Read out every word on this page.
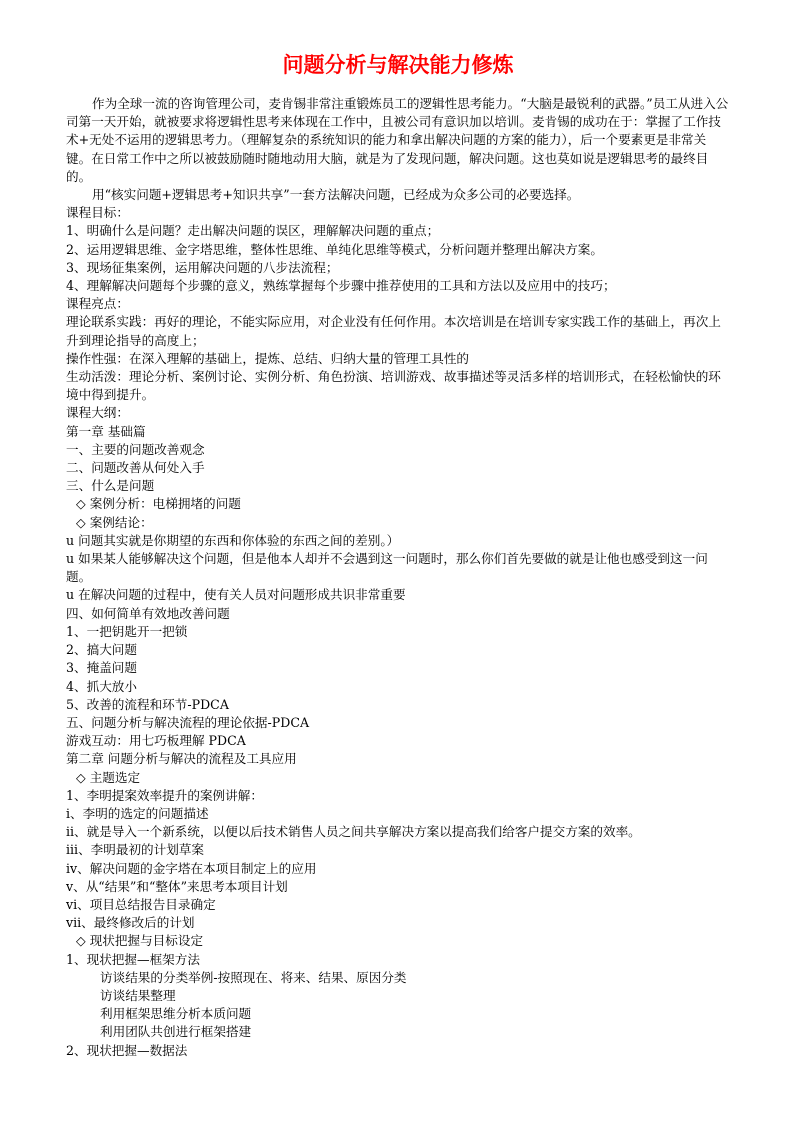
问题分析与解决能力修炼

作为全球一流的咨询管理公司，麦肯锡非常注重锻炼员工的逻辑性思考能力。“大脑是最锐利的武器。”员工从进入公司第一天开始，就被要求将逻辑性思考来体现在工作中，且被公司有意识加以培训。麦肯锡的成功在于：掌握了工作技术+无处不运用的逻辑思考力。（理解复杂的系统知识的能力和拿出解决问题的方案的能力），后一个要素更是非常关键。在日常工作中之所以被鼓励随时随地动用大脑，就是为了发现问题，解决问题。这也莫如说是逻辑思考的最终目的。

用“核实问题+逻辑思考+知识共享”一套方法解决问题，已经成为众多公司的必要选择。

课程目标：

1、明确什么是问题？走出解决问题的误区，理解解决问题的重点；

2、运用逻辑思维、金字塔思维，整体性思维、单纯化思维等模式，分析问题并整理出解决方案。

3、现场征集案例，运用解决问题的八步法流程；

4、理解解决问题每个步骤的意义，熟练掌握每个步骤中推荐使用的工具和方法以及应用中的技巧；

课程亮点：

理论联系实践：再好的理论，不能实际应用，对企业没有任何作用。本次培训是在培训专家实践工作的基础上，再次上升到理论指导的高度上；

操作性强：在深入理解的基础上，提炼、总结、归纳大量的管理工具性的

生动活泼：理论分析、案例讨论、实例分析、角色扮演、培训游戏、故事描述等灵活多样的培训形式，在轻松愉快的环境中得到提升。

课程大纲：

第一章 基础篇

一、主要的问题改善观念

二、问题改善从何处入手

三、什么是问题

◇ 案例分析：电梯拥堵的问题

◇ 案例结论：

u 问题其实就是你期望的东西和你体验的东西之间的差别。）

u 如果某人能够解决这个问题，但是他本人却并不会遇到这一问题时，那么你们首先要做的就是让他也感受到这一问题。

u 在解决问题的过程中，使有关人员对问题形成共识非常重要

四、如何简单有效地改善问题

1、一把钥匙开一把锁

2、搞大问题

3、掩盖问题

4、抓大放小

5、改善的流程和环节-PDCA

五、问题分析与解决流程的理论依据-PDCA

游戏互动：用七巧板理解 PDCA

第二章 问题分析与解决的流程及工具应用

◇ 主题选定

1、李明提案效率提升的案例讲解：

i、李明的选定的问题描述

ii、就是导入一个新系统，以便以后技术销售人员之间共享解决方案以提高我们给客户提交方案的效率。

iii、李明最初的计划草案

iv、解决问题的金字塔在本项目制定上的应用

v、从“结果”和“整体”来思考本项目计划

vi、项目总结报告目录确定

vii、最终修改后的计划

◇ 现状把握与目标设定

1、现状把握—框架方法

访谈结果的分类举例-按照现在、将来、结果、原因分类

访谈结果整理

利用框架思维分析本质问题

利用团队共创进行框架搭建

2、现状把握—数据法
